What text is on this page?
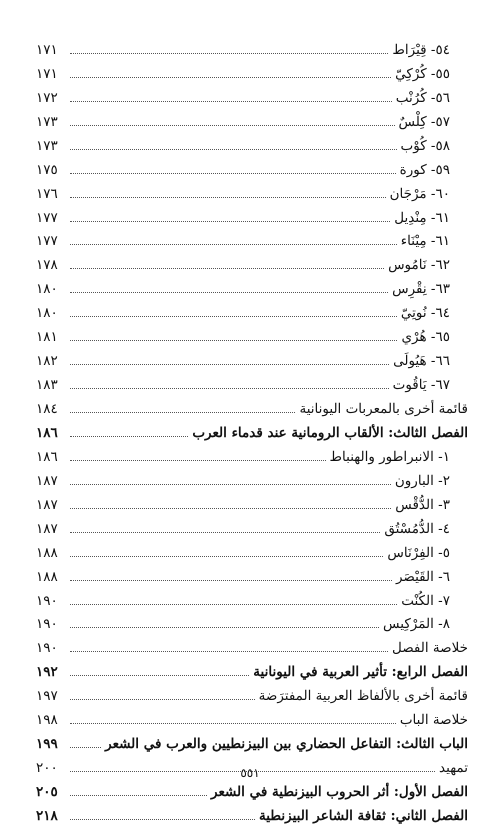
٥٤- قِيْرَاط
١٧١
٥٥- كُرْكِيّ
١٧١
٥٦- كُرُنْب
١٧٢
٥٧- كِلْسٌ
١٧٣
٥٨- كُوْب
١٧٣
٥٩- كورة
١٧٥
٦٠- مَرْجَان
١٧٦
٦١- مِنْدِيل
١٧٧
٦١- مِيْنَاء
١٧٧
٦٢- نَامُوس
١٧٨
٦٣- نِقْرِس
١٨٠
٦٤- نُوتِيّ
١٨٠
٦٥- هُرْي
١٨١
٦٦- هَيُولَى
١٨٢
٦٧- يَاقُوت
١٨٣
قائمة أخرى بالمعربات اليونانية
١٨٤
الفصل الثالث: الألقاب الرومانية عند قدماء العرب
١٨٦
١- الانبراطور والهنباط
١٨٦
٢- البارون
١٨٧
٣- الدُّقْس
١٨٧
٤- الدُّمُسْتُق
١٨٧
٥- الفِرْنَاس
١٨٨
٦- القَيْصَر
١٨٨
٧- الكُنْت
١٩٠
٨- المَرْكِيس
١٩٠
خلاصة الفصل
١٩٠
الفصل الرابع: تأثير العربية في اليونانية
١٩٢
قائمة أخرى بالألفاظ العربية المفترَضة
١٩٧
خلاصة الباب
١٩٨
الباب الثالث: التفاعل الحضاري بين البيزنطيين والعرب في الشعر
١٩٩
تمهيد
٢٠٠
الفصل الأول: أثر الحروب البيزنطية في الشعر
٢٠٥
الفصل الثاني: ثقافة الشاعر البيزنطية
٢١٨
٥٥١
